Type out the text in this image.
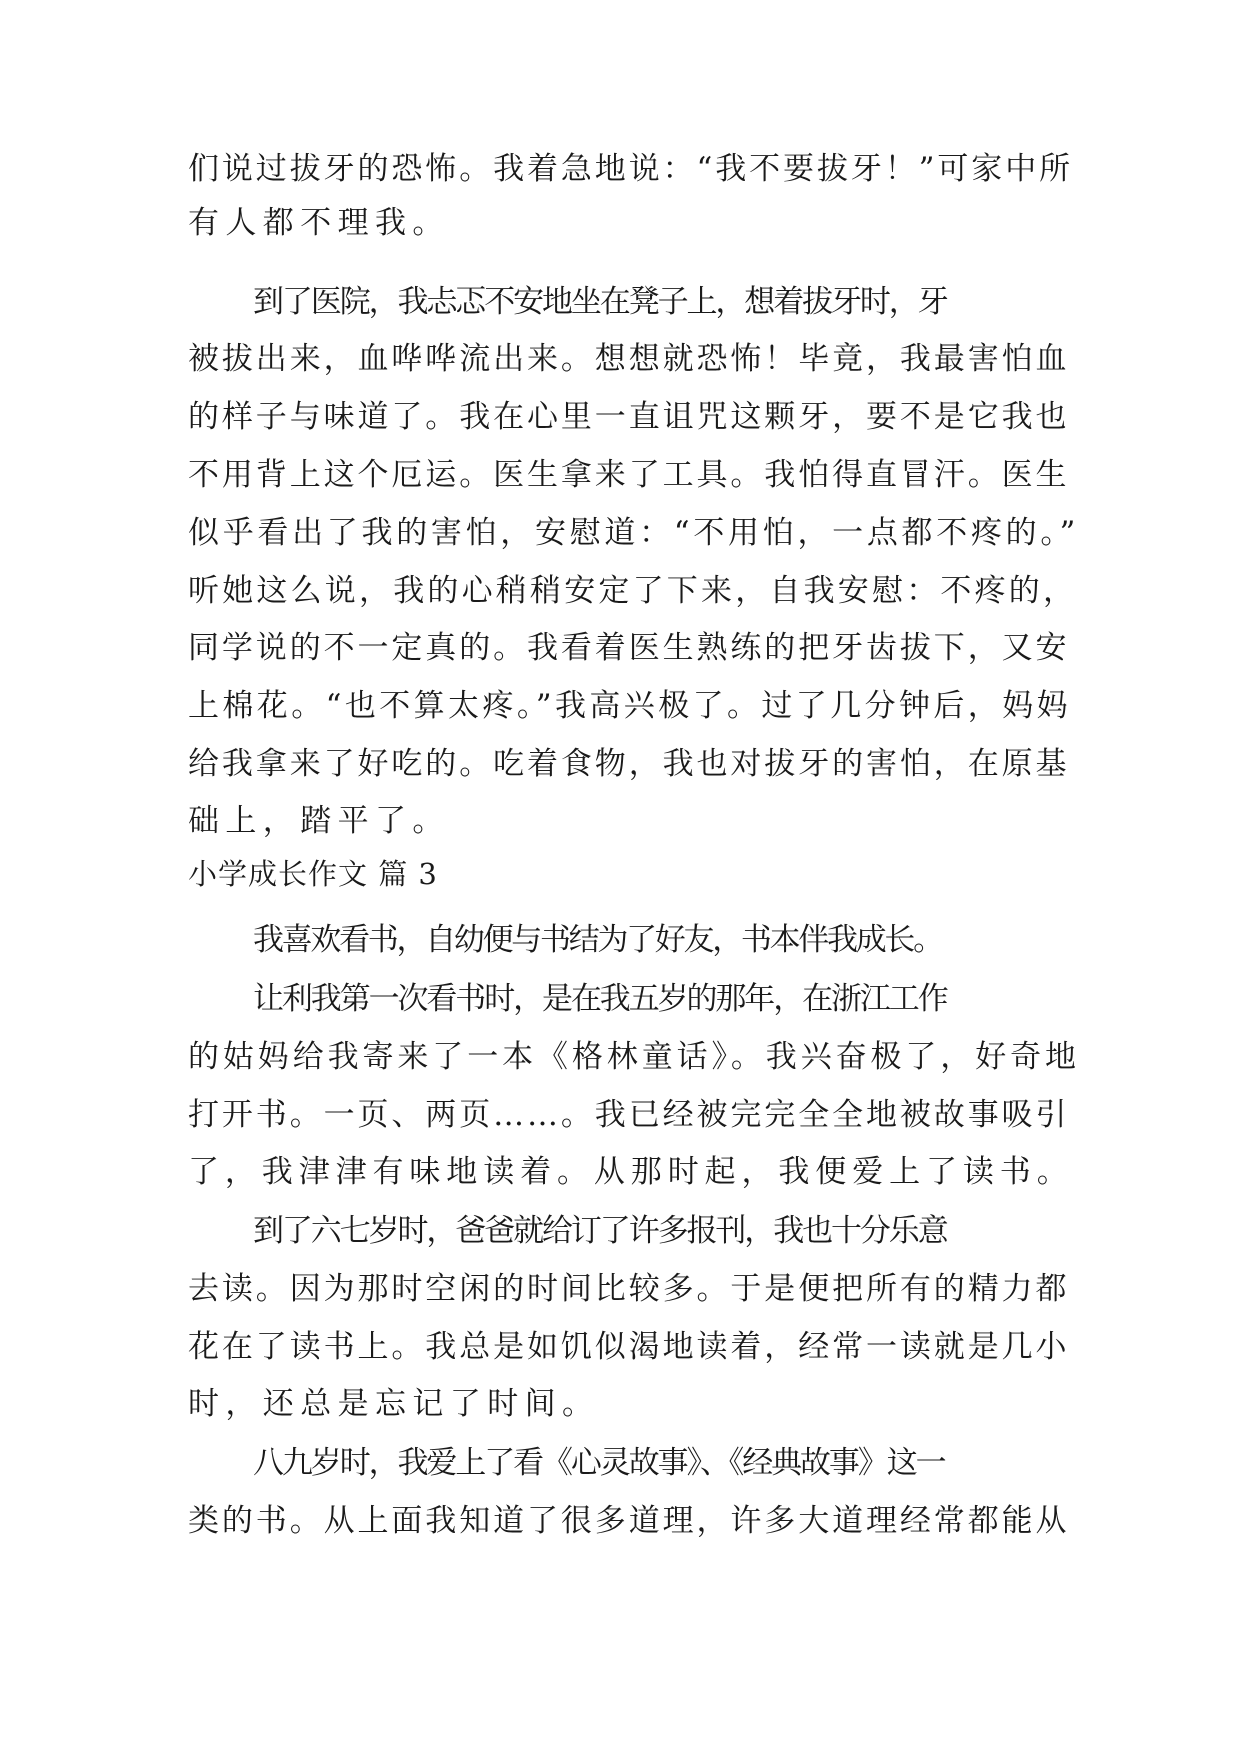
们说过拔牙的恐怖。我着急地说：“我不要拔牙！”可家中所
有人都不理我。
到了医院，我忐忑不安地坐在凳子上，想着拔牙时，牙
被拔出来，血哗哗流出来。想想就恐怖！毕竟，我最害怕血
的样子与味道了。我在心里一直诅咒这颗牙，要不是它我也
不用背上这个厄运。医生拿来了工具。我怕得直冒汗。医生
似乎看出了我的害怕，安慰道：“不用怕，一点都不疼的。”
听她这么说，我的心稍稍安定了下来，自我安慰：不疼的，
同学说的不一定真的。我看着医生熟练的把牙齿拔下，又安
上棉花。“也不算太疼。”我高兴极了。过了几分钟后，妈妈
给我拿来了好吃的。吃着食物，我也对拔牙的害怕，在原基
础上，踏平了。
小学成长作文 篇 3
我喜欢看书，自幼便与书结为了好友，书本伴我成长。
让利我第一次看书时，是在我五岁的那年，在浙江工作
的姑妈给我寄来了一本《格林童话》。我兴奋极了，好奇地
打开书。一页、两页……。我已经被完完全全地被故事吸引
了，我津津有味地读着。从那时起，我便爱上了读书。
到了六七岁时，爸爸就给订了许多报刊，我也十分乐意
去读。因为那时空闲的时间比较多。于是便把所有的精力都
花在了读书上。我总是如饥似渴地读着，经常一读就是几小
时，还总是忘记了时间。
八九岁时，我爱上了看《心灵故事》、《经典故事》这一
类的书。从上面我知道了很多道理，许多大道理经常都能从
